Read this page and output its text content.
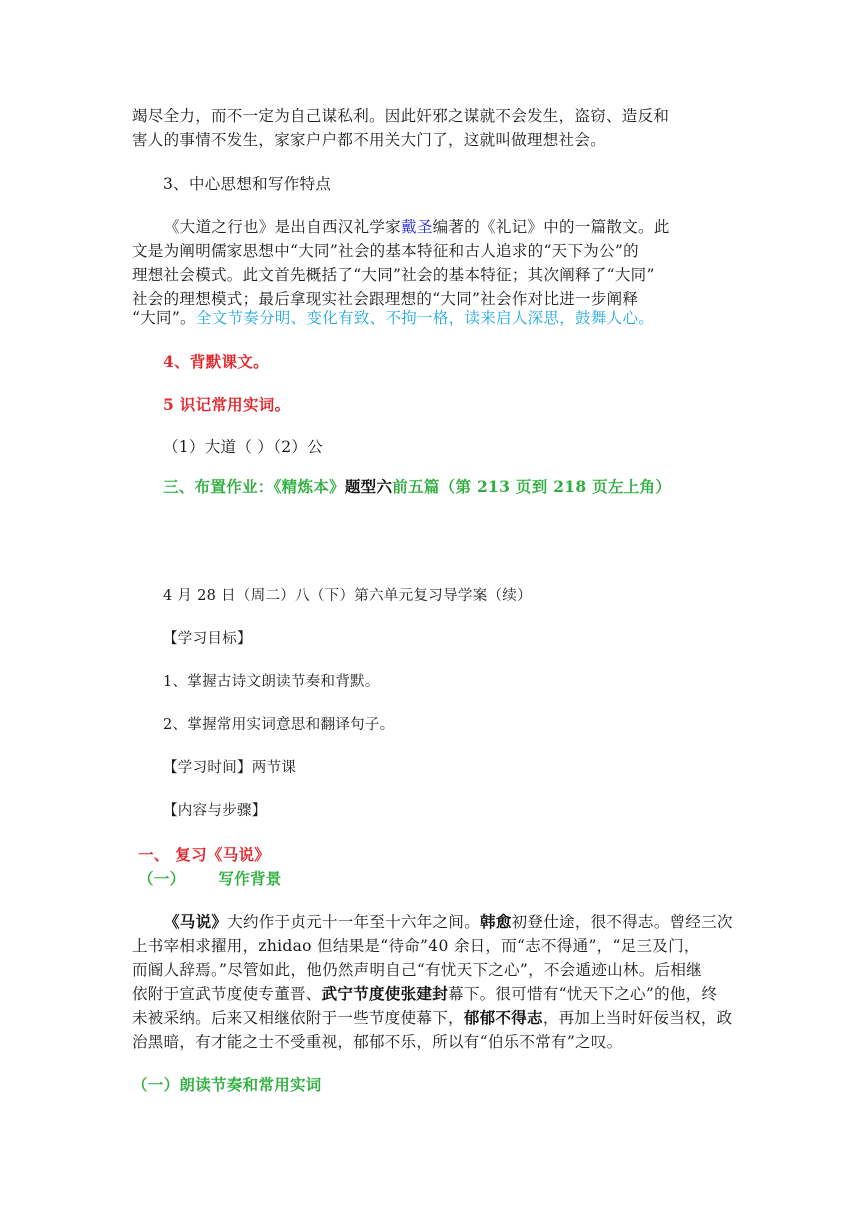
竭尽全力，而不一定为自己谋私利。因此奸邪之谋就不会发生，盗窃、造反和
害人的事情不发生，家家户户都不用关大门了，这就叫做理想社会。
3、中心思想和写作特点
《大道之行也》是出自西汉礼学家戴圣编著的《礼记》中的一篇散文。此
文是为阐明儒家思想中“大同”社会的基本特征和古人追求的“天下为公”的
理想社会模式。此文首先概括了“大同”社会的基本特征；其次阐释了“大同”
社会的理想模式；最后拿现实社会跟理想的“大同”社会作对比进一步阐释
“大同”。全文节奏分明、变化有致、不拘一格，读来启人深思，鼓舞人心。
4、背默课文。
5 识记常用实词。
（1）大道（ ）（2）公
三、布置作业：《精炼本》题型六前五篇（第 213 页到 218 页左上角）
4 月 28 日（周二）八（下）第六单元复习导学案（续）
【学习目标】
1、掌握古诗文朗读节奏和背默。
2、掌握常用实词意思和翻译句子。
【学习时间】两节课
【内容与步骤】
一、 复习《马说》
（一） 写作背景
《马说》大约作于贞元十一年至十六年之间。韩愈初登仕途，很不得志。曾经三次
上书宰相求擢用，zhidao 但结果是“待命”40 余日，而“志不得通”，“足三及门，
而阍人辞焉。”尽管如此，他仍然声明自己“有忧天下之心”，不会遁迹山林。后相继
依附于宣武节度使专董晋、武宁节度使张建封幕下。很可惜有“忧天下之心”的他，终
未被采纳。后来又相继依附于一些节度使幕下，郁郁不得志，再加上当时奸佞当权，政
治黑暗，有才能之士不受重视，郁郁不乐，所以有“伯乐不常有”之叹。
（一）朗读节奏和常用实词
